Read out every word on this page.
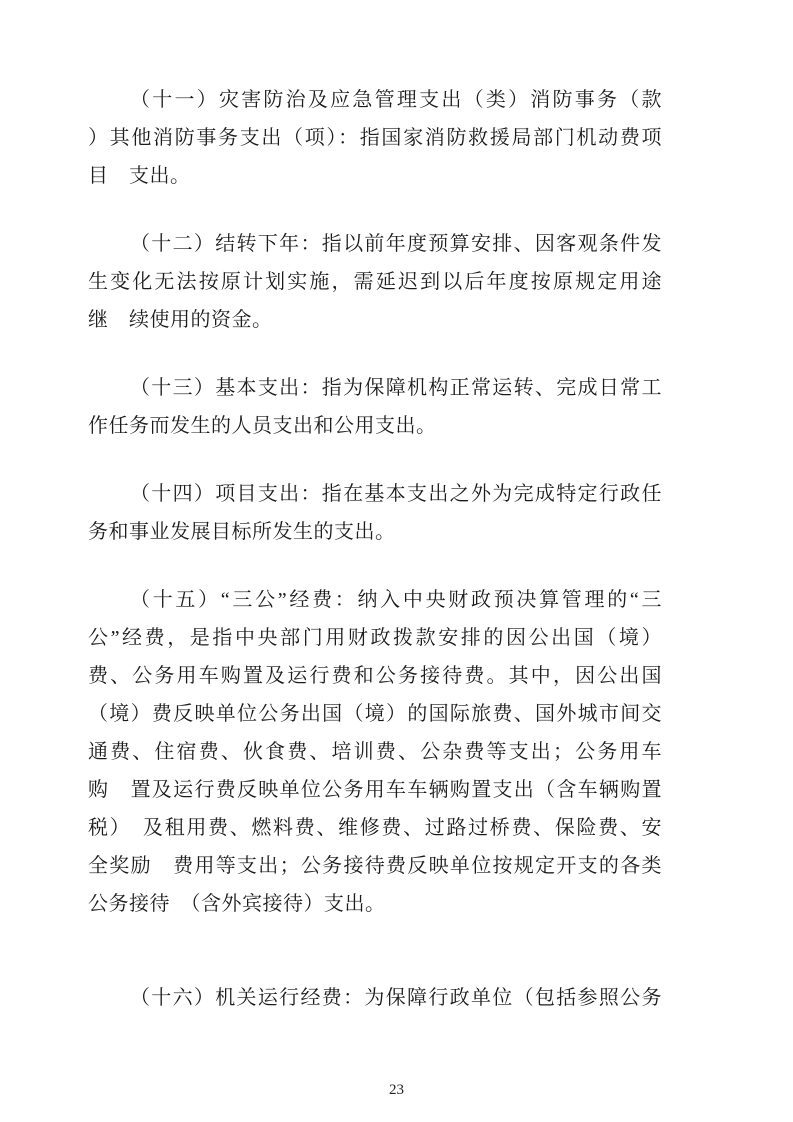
（十一）灾害防治及应急管理支出（类）消防事务（款
）其他消防事务支出（项）：指国家消防救援局部门机动费项
目　支出。
（十二）结转下年：指以前年度预算安排、因客观条件发
生变化无法按原计划实施，需延迟到以后年度按原规定用途
继　续使用的资金。
（十三）基本支出：指为保障机构正常运转、完成日常工
作任务而发生的人员支出和公用支出。
（十四）项目支出：指在基本支出之外为完成特定行政任
务和事业发展目标所发生的支出。
（十五）“三公”经费：纳入中央财政预决算管理的“三
公”经费，是指中央部门用财政拨款安排的因公出国（境）
费、公务用车购置及运行费和公务接待费。其中，因公出国
（境）费反映单位公务出国（境）的国际旅费、国外城市间交
通费、住宿费、伙食费、培训费、公杂费等支出；公务用车
购　置及运行费反映单位公务用车车辆购置支出（含车辆购置
税）　及租用费、燃料费、维修费、过路过桥费、保险费、安
全奖励　费用等支出；公务接待费反映单位按规定开支的各类
公务接待　（含外宾接待）支出。
（十六）机关运行经费：为保障行政单位（包括参照公务
23
